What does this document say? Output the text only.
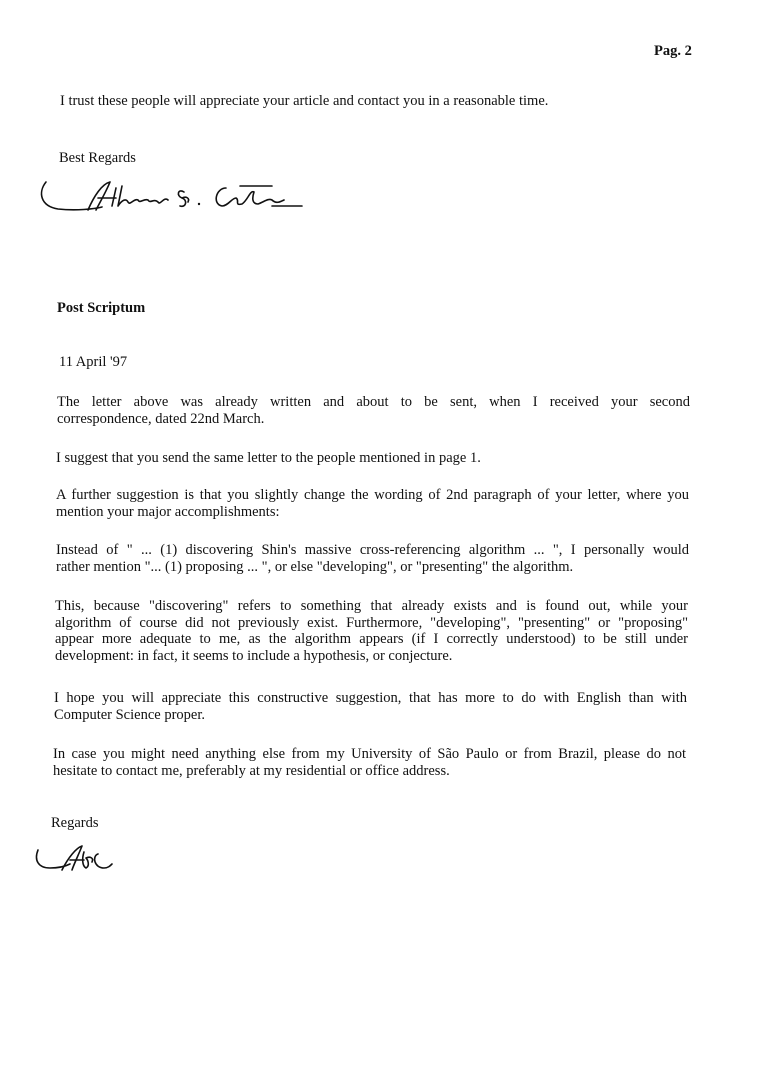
Pag. 2
I trust these people will appreciate your article and contact you in a reasonable time.
Best Regards
Post Scriptum
11 April '97
The letter above was already written and about to be sent, when I received your second
correspondence, dated 22nd March.
I suggest that you send the same letter to the people mentioned in page 1.
A further suggestion is that you slightly change the wording of 2nd paragraph of your letter, where you
mention your major accomplishments:
Instead of " ... (1) discovering Shin's massive cross-referencing algorithm ... ", I personally would
rather mention "... (1) proposing ... ", or else "developing", or "presenting" the algorithm.
This, because "discovering" refers to something that already exists and is found out, while your
algorithm of course did not previously exist. Furthermore, "developing", "presenting" or "proposing"
appear more adequate to me, as the algorithm appears (if I correctly understood) to be still under
development: in fact, it seems to include a hypothesis, or conjecture.
I hope you will appreciate this constructive suggestion, that has more to do with English than with
Computer Science proper.
In case you might need anything else from my University of São Paulo or from Brazil, please do not
hesitate to contact me, preferably at my residential or office address.
Regards
